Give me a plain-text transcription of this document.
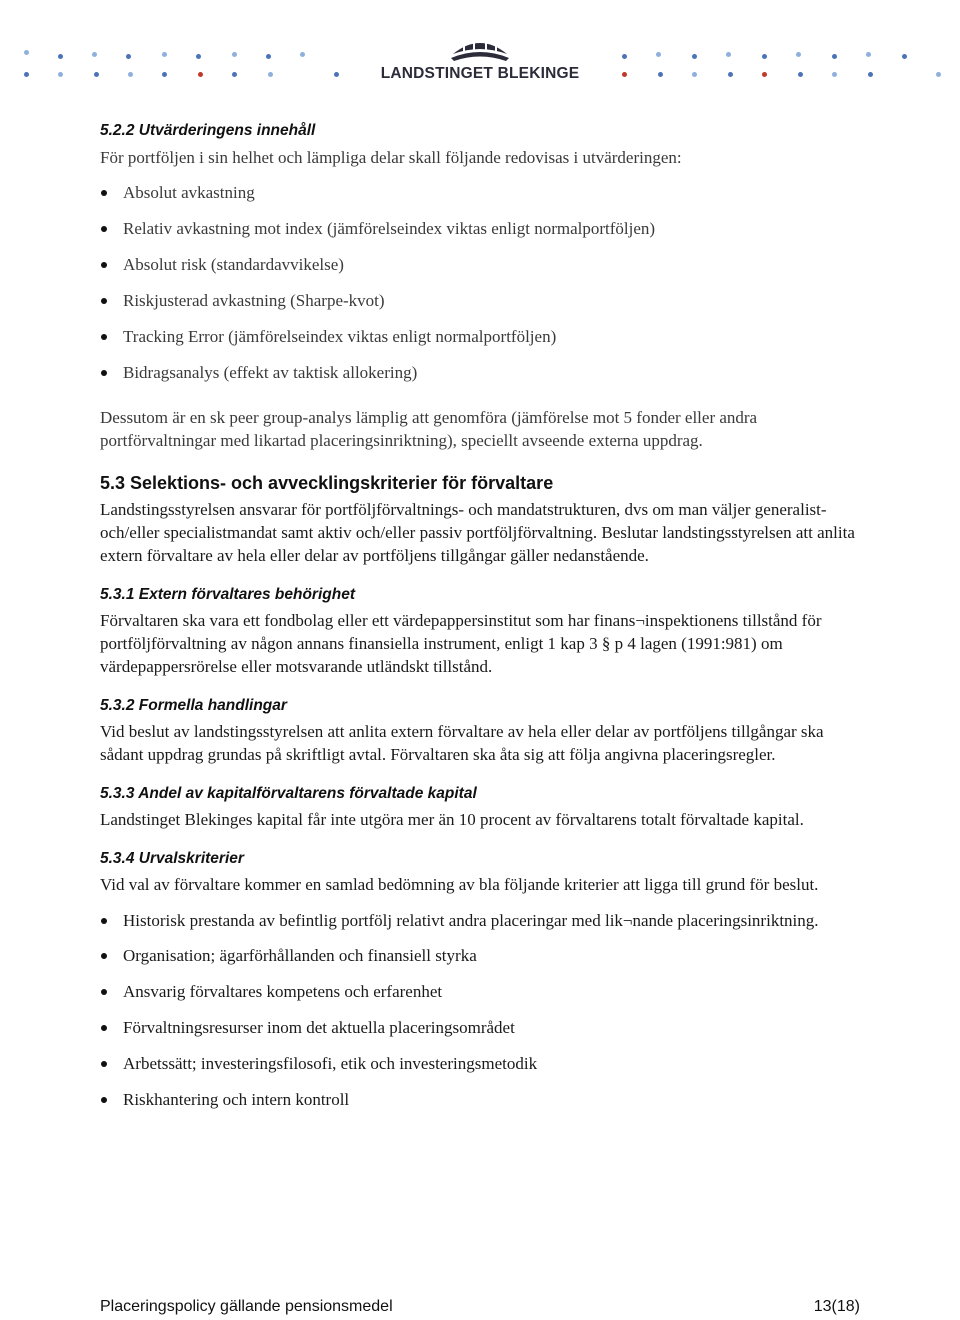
LANDSTINGET BLEKINGE
5.2.2 Utvärderingens innehåll

För portföljen i sin helhet och lämpliga delar skall följande redovisas i utvärderingen:

Absolut avkastning
Relativ avkastning mot index (jämförelseindex viktas enligt normalportföljen)
Absolut risk (standardavvikelse)
Riskjusterad avkastning (Sharpe-kvot)
Tracking Error (jämförelseindex viktas enligt normalportföljen)
Bidragsanalys (effekt av taktisk allokering)

Dessutom är en sk peer group-analys lämplig att genomföra (jämförelse mot 5 fonder eller andra portförvaltningar med likartad placeringsinriktning), speciellt avseende externa uppdrag.

5.3 Selektions- och avvecklingskriterier för förvaltare

Landstingsstyrelsen ansvarar för portföljförvaltnings- och mandatstrukturen, dvs om man väljer generalist- och/eller specialistmandat samt aktiv och/eller passiv portföljförvaltning. Beslutar landstingsstyrelsen att anlita extern förvaltare av hela eller delar av portföljens tillgångar gäller nedanstående.

5.3.1 Extern förvaltares behörighet

Förvaltaren ska vara ett fondbolag eller ett värdepappersinstitut som har finans¬inspektionens tillstånd för portföljförvaltning av någon annans finansiella instrument, enligt 1 kap 3 § p 4 lagen (1991:981) om värdepappersrörelse eller motsvarande utländskt tillstånd.

5.3.2 Formella handlingar

Vid beslut av landstingsstyrelsen att anlita extern förvaltare av hela eller delar av portföljens tillgångar ska sådant uppdrag grundas på skriftligt avtal. Förvaltaren ska åta sig att följa angivna placeringsregler.

5.3.3 Andel av kapitalförvaltarens förvaltade kapital

Landstinget Blekinges kapital får inte utgöra mer än 10 procent av förvaltarens totalt förvaltade kapital.

5.3.4 Urvalskriterier

Vid val av förvaltare kommer en samlad bedömning av bla följande kriterier att ligga till grund för beslut.

Historisk prestanda av befintlig portfölj relativt andra placeringar med lik¬nande placeringsinriktning.
Organisation; ägarförhållanden och finansiell styrka
Ansvarig förvaltares kompetens och erfarenhet
Förvaltningsresurser inom det aktuella placeringsområdet
Arbetssätt; investeringsfilosofi, etik och investeringsmetodik
Riskhantering och intern kontroll
Placeringspolicy gällande pensionsmedel	13(18)
